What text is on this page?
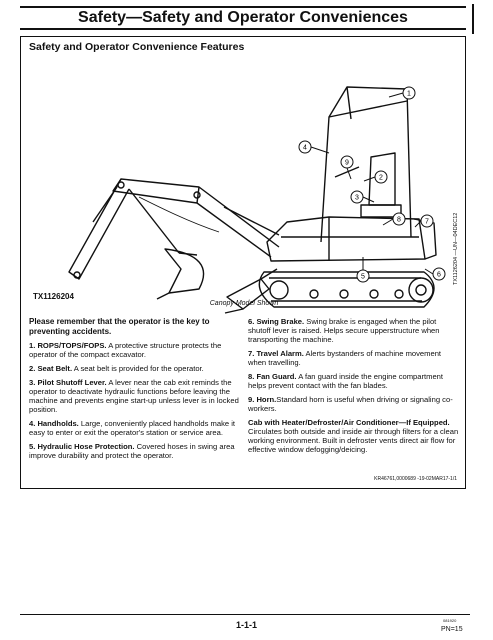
Safety—Safety and Operator Conveniences
Safety and Operator Convenience Features
1
2
3
4
5	6
7
8
9
TX1126204
Canopy Model Shown
TX1126204 —UN—04DEC12

Please remember that the operator is the key to preventing accidents.

1. ROPS/TOPS/FOPS. A protective structure protects the operator of the compact excavator.

2. Seat Belt. A seat belt is provided for the operator.

3. Pilot Shutoff Lever. A lever near the cab exit reminds the operator to deactivate hydraulic functions before leaving the machine and prevents engine start-up unless lever is in locked position.

4. Handholds. Large, conveniently placed handholds make it easy to enter or exit the operator's station or service area.

5. Hydraulic Hose Protection. Covered hoses in swing area improve durability and protect the operator.

6. Swing Brake. Swing brake is engaged when the pilot shutoff lever is raised. Helps secure upperstructure when transporting the machine.

7. Travel Alarm. Alerts bystanders of machine movement when travelling.

8. Fan Guard. A fan guard inside the engine compartment helps prevent contact with the fan blades.

9. Horn.Standard horn is useful when driving or signaling co-workers.

Cab with Heater/Defroster/Air Conditioner—If Equipped. Circulates both outside and inside air through filters for a clean working environment. Built in defroster vents direct air flow for effective window defogging/deicing.

KR46761,0000689 -19-02MAR17-1/1
1-1-1	081920
PN=15
